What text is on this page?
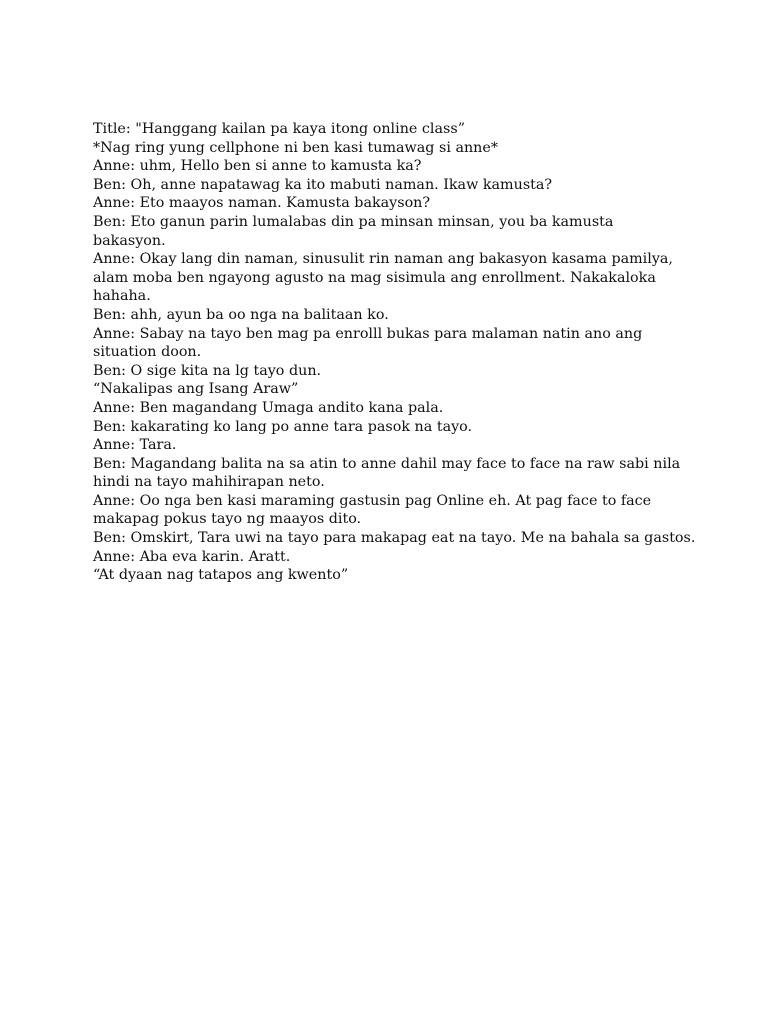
Title: "Hanggang kailan pa kaya itong online class”
*Nag ring yung cellphone ni ben kasi tumawag si anne*
Anne: uhm, Hello ben si anne to kamusta ka?
Ben: Oh, anne napatawag ka ito mabuti naman. Ikaw kamusta?
Anne: Eto maayos naman. Kamusta bakayson?
Ben: Eto ganun parin lumalabas din pa minsan minsan, you ba kamusta
bakasyon.
Anne: Okay lang din naman, sinusulit rin naman ang bakasyon kasama pamilya,
alam moba ben ngayong agusto na mag sisimula ang enrollment. Nakakaloka
hahaha.
Ben: ahh, ayun ba oo nga na balitaan ko.
Anne: Sabay na tayo ben mag pa enrolll bukas para malaman natin ano ang
situation doon.
Ben: O sige kita na lg tayo dun.
“Nakalipas ang Isang Araw”
Anne: Ben magandang Umaga andito kana pala.
Ben: kakarating ko lang po anne tara pasok na tayo.
Anne: Tara.
Ben: Magandang balita na sa atin to anne dahil may face to face na raw sabi nila
hindi na tayo mahihirapan neto.
Anne: Oo nga ben kasi maraming gastusin pag Online eh. At pag face to face
makapag pokus tayo ng maayos dito.
Ben: Omskirt, Tara uwi na tayo para makapag eat na tayo. Me na bahala sa gastos.
Anne: Aba eva karin. Aratt.
“At dyaan nag tatapos ang kwento”
